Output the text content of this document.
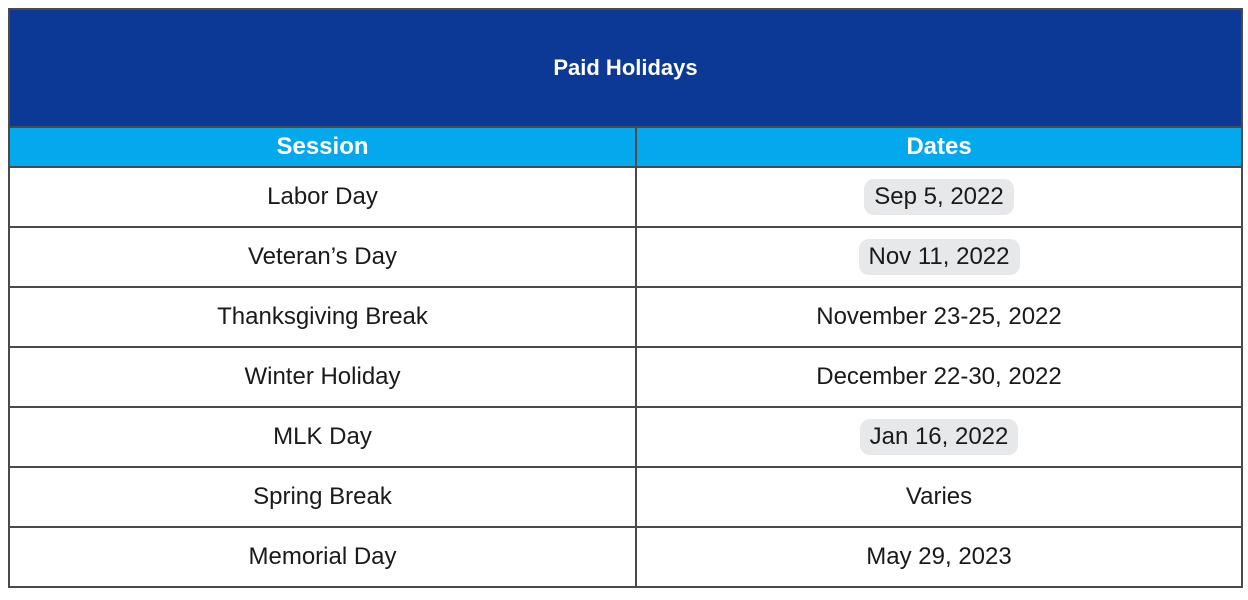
Paid Holidays	
Session	Dates
Labor Day	Sep 5, 2022
Veteran’s Day	Nov 11, 2022
Thanksgiving Break	November 23-25, 2022
Winter Holiday	December 22-30, 2022
MLK Day	Jan 16, 2022
Spring Break	Varies
Memorial Day	May 29, 2023
